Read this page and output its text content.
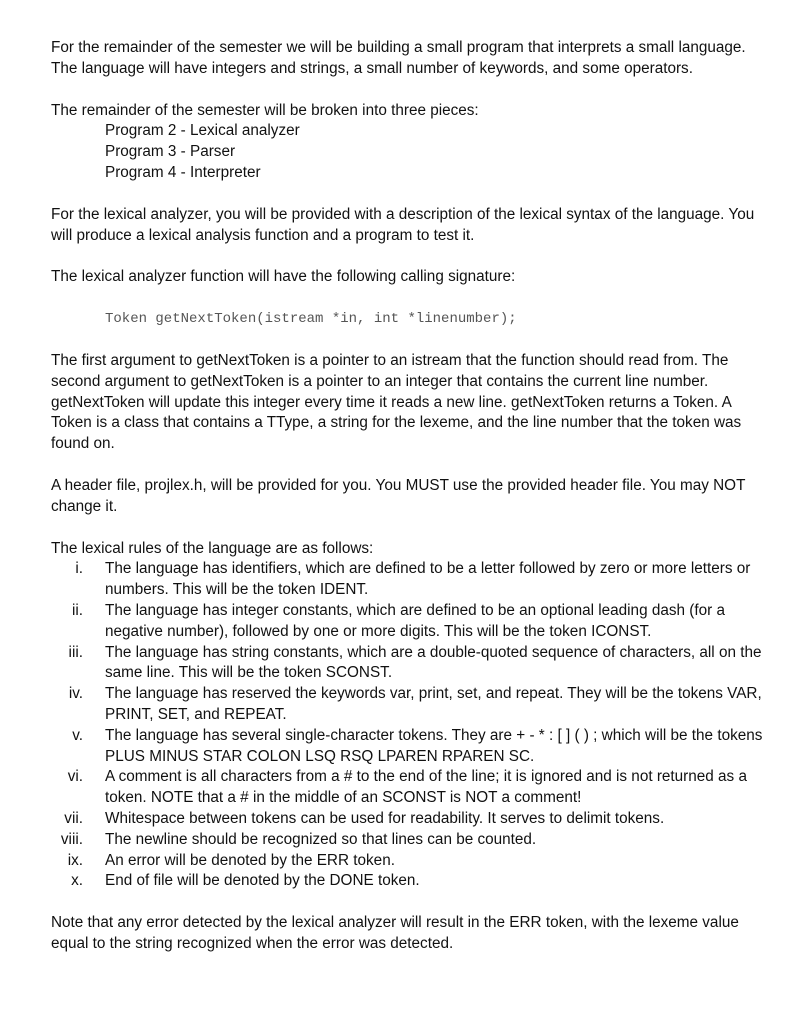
For the remainder of the semester we will be building a small program that interprets a small language. The language will have integers and strings, a small number of keywords, and some operators.

The remainder of the semester will be broken into three pieces:

Program 2 - Lexical analyzer

Program 3 - Parser

Program 4 - Interpreter

For the lexical analyzer, you will be provided with a description of the lexical syntax of the language. You will produce a lexical analysis function and a program to test it.

The lexical analyzer function will have the following calling signature:

Token getNextToken(istream *in, int *linenumber);

The first argument to getNextToken is a pointer to an istream that the function should read from. The second argument to getNextToken is a pointer to an integer that contains the current line number. getNextToken will update this integer every time it reads a new line. getNextToken returns a Token. A Token is a class that contains a TType, a string for the lexeme, and the line number that the token was found on.

A header file, projlex.h, will be provided for you. You MUST use the provided header file. You may NOT change it.

The lexical rules of the language are as follows:

i. The language has identifiers, which are defined to be a letter followed by zero or more letters or numbers. This will be the token IDENT.
ii. The language has integer constants, which are defined to be an optional leading dash (for a negative number), followed by one or more digits. This will be the token ICONST.
iii. The language has string constants, which are a double-quoted sequence of characters, all on the same line. This will be the token SCONST.
iv. The language has reserved the keywords var, print, set, and repeat. They will be the tokens VAR, PRINT, SET, and REPEAT.
v. The language has several single-character tokens. They are + - * : [ ] ( ) ; which will be the tokens PLUS MINUS STAR COLON LSQ RSQ LPAREN RPAREN SC.
vi. A comment is all characters from a # to the end of the line; it is ignored and is not returned as a token. NOTE that a # in the middle of an SCONST is NOT a comment!
vii. Whitespace between tokens can be used for readability. It serves to delimit tokens.
viii. The newline should be recognized so that lines can be counted.
ix. An error will be denoted by the ERR token.
x. End of file will be denoted by the DONE token.

Note that any error detected by the lexical analyzer will result in the ERR token, with the lexeme value equal to the string recognized when the error was detected.
